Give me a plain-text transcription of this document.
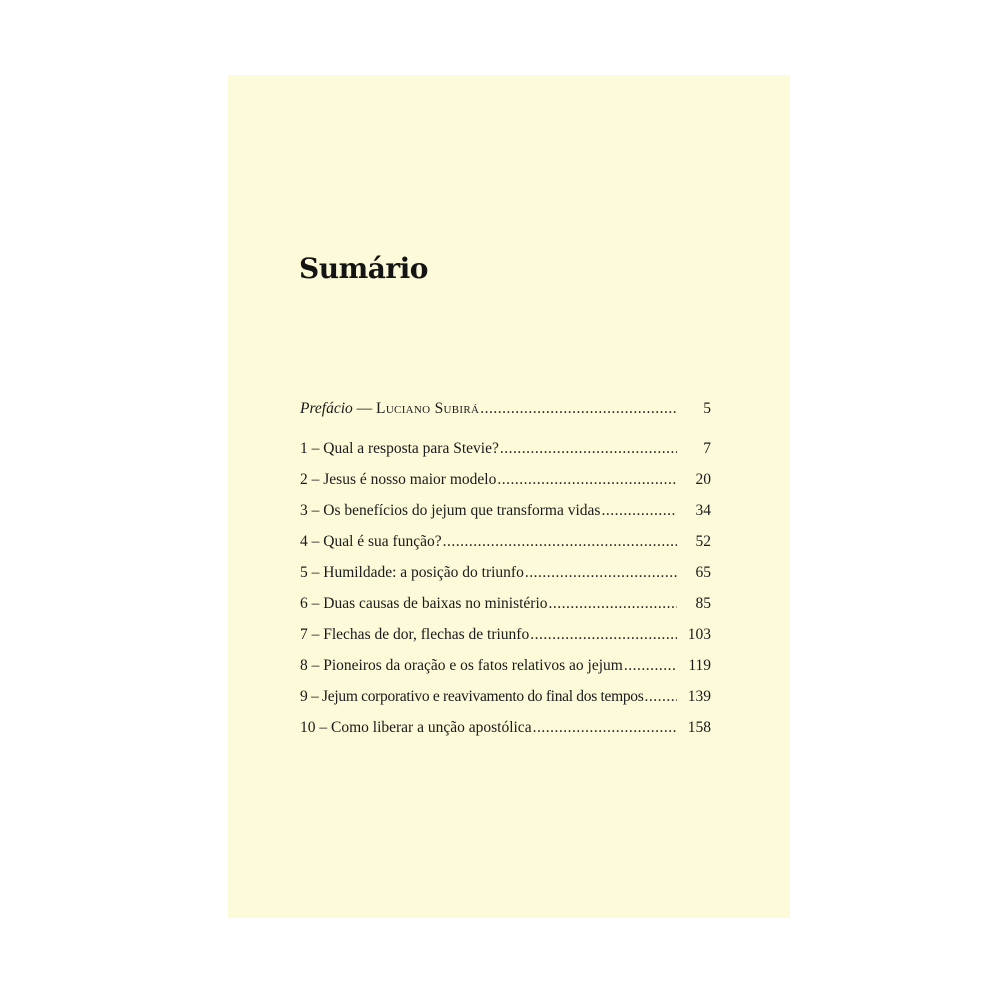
Sumário
Prefácio — Luciano Subirá .....	5
1 – Qual a resposta para Stevie? .....	7
2 – Jesus é nosso maior modelo .....	20
3 – Os benefícios do jejum que transforma vidas .....	34
4 – Qual é sua função? .....	52
5 – Humildade: a posição do triunfo .....	65
6 – Duas causas de baixas no ministério .....	85
7 – Flechas de dor, flechas de triunfo .....	103
8 – Pioneiros da oração e os fatos relativos ao jejum .....	119
9 – Jejum corporativo e reavivamento do final dos tempos .....	139
10 – Como liberar a unção apostólica .....	158
